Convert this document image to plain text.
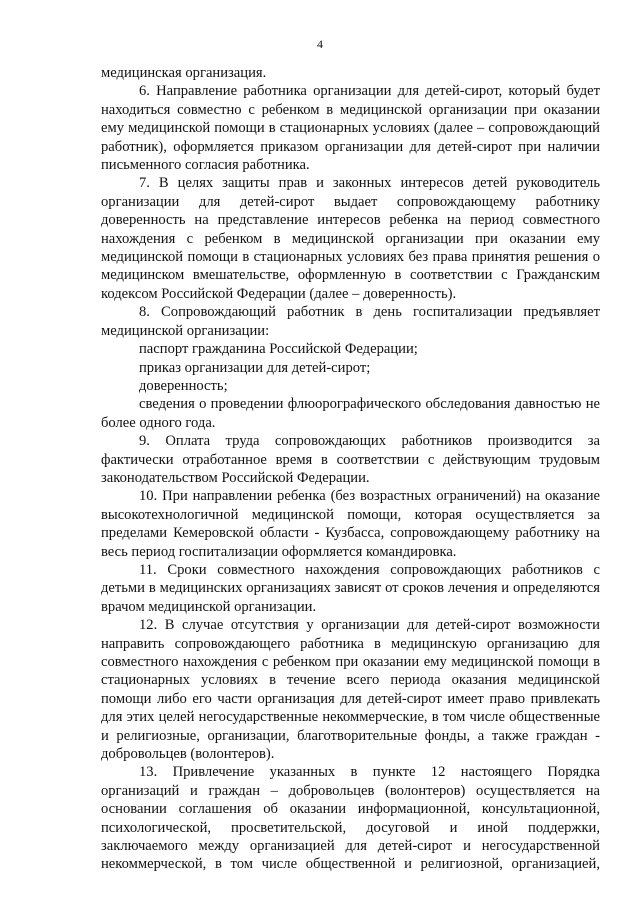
4

медицинская организация.

6. Направление работника организации для детей-сирот, который будет находиться совместно с ребенком в медицинской организации при оказании ему медицинской помощи в стационарных условиях (далее – сопровождающий работник), оформляется приказом организации для детей-сирот при наличии письменного согласия работника.

7. В целях защиты прав и законных интересов детей руководитель организации для детей-сирот выдает сопровождающему работнику доверенность на представление интересов ребенка на период совместного нахождения с ребенком в медицинской организации при оказании ему медицинской помощи в стационарных условиях без права принятия решения о медицинском вмешательстве, оформленную в соответствии с Гражданским кодексом Российской Федерации (далее – доверенность).

8. Сопровождающий работник в день госпитализации предъявляет медицинской организации:

паспорт гражданина Российской Федерации;

приказ организации для детей-сирот;

доверенность;

сведения о проведении флюорографического обследования давностью не более одного года.

9. Оплата труда сопровождающих работников производится за фактически отработанное время в соответствии с действующим трудовым законодательством Российской Федерации.

10. При направлении ребенка (без возрастных ограничений) на оказание высокотехнологичной медицинской помощи, которая осуществляется за пределами Кемеровской области - Кузбасса, сопровождающему работнику на весь период госпитализации оформляется командировка.

11. Сроки совместного нахождения сопровождающих работников с детьми в медицинских организациях зависят от сроков лечения и определяются врачом медицинской организации.

12. В случае отсутствия у организации для детей-сирот возможности направить сопровождающего работника в медицинскую организацию для совместного нахождения с ребенком при оказании ему медицинской помощи в стационарных условиях в течение всего периода оказания медицинской помощи либо его части организация для детей-сирот имеет право привлекать для этих целей негосударственные некоммерческие, в том числе общественные и религиозные, организации, благотворительные фонды, а также граждан - добровольцев (волонтеров).

13. Привлечение указанных в пункте 12 настоящего Порядка организаций и граждан – добровольцев (волонтеров) осуществляется на основании соглашения об оказании информационной, консультационной, психологической, просветительской, досуговой и иной поддержки, заключаемого между организацией для детей-сирот и негосударственной некоммерческой, в том числе общественной и религиозной, организацией,
